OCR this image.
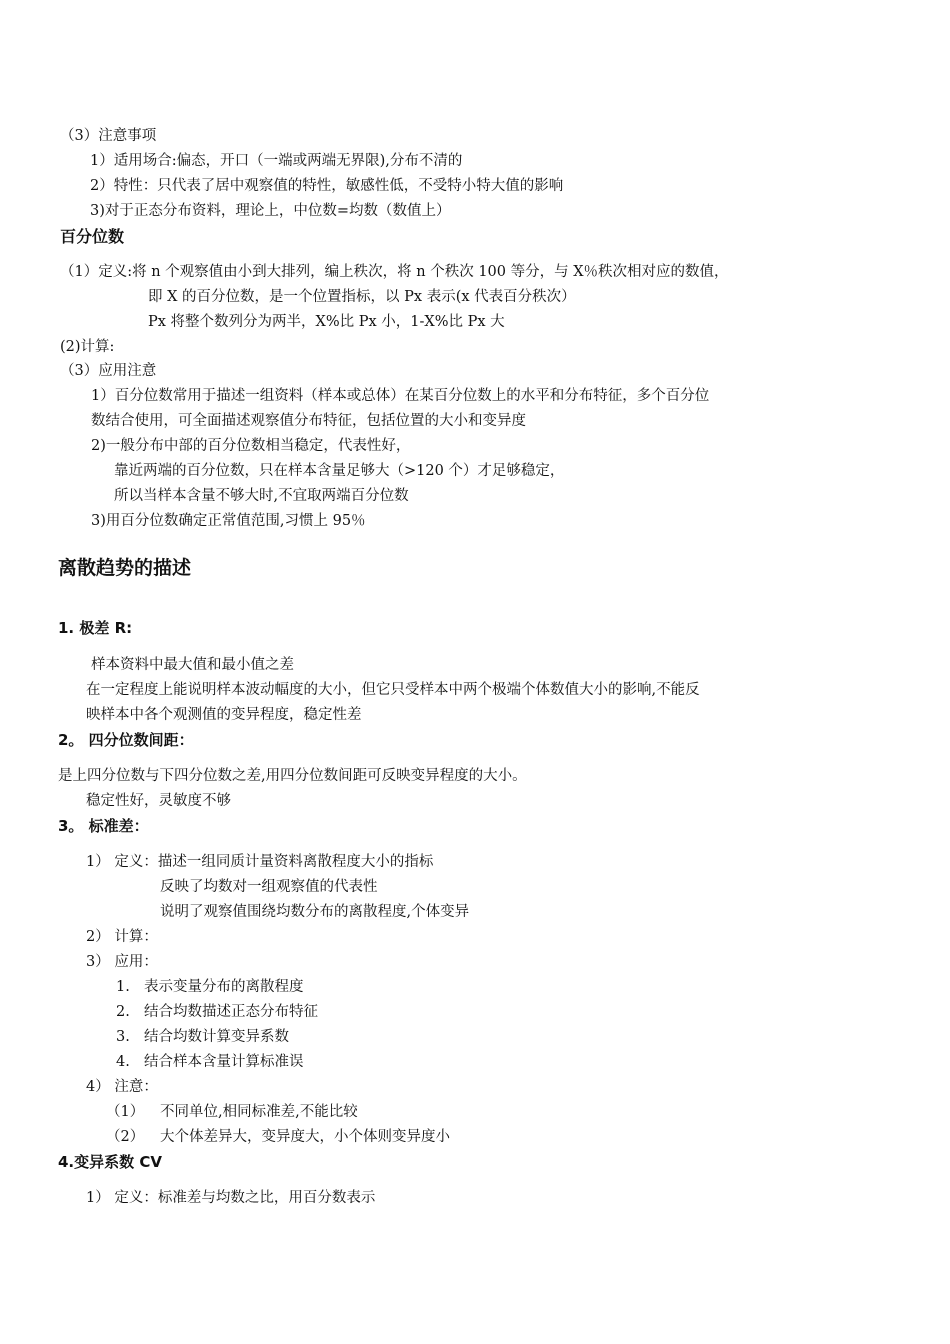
（3）注意事项
1）适用场合:偏态，开口（一端或两端无界限),分布不清的
2）特性：只代表了居中观察值的特性，敏感性低，不受特小特大值的影响
3)对于正态分布资料，理论上，中位数=均数（数值上）
百分位数
（1）定义:将 n 个观察值由小到大排列，编上秩次，将 n 个秩次 100 等分，与 X％秩次相对应的数值，
即 X 的百分位数，是一个位置指标，以 Px 表示(x 代表百分秩次）
Px 将整个数列分为两半，X%比 Px 小，1-X%比 Px 大
(2)计算:
（3）应用注意
1）百分位数常用于描述一组资料（样本或总体）在某百分位数上的水平和分布特征，多个百分位
数结合使用，可全面描述观察值分布特征，包括位置的大小和变异度
2)一般分布中部的百分位数相当稳定，代表性好，
靠近两端的百分位数，只在样本含量足够大（>120 个）才足够稳定，
所以当样本含量不够大时,不宜取两端百分位数
3)用百分位数确定正常值范围,习惯上 95％
离散趋势的描述
1. 极差 R:
样本资料中最大值和最小值之差
在一定程度上能说明样本波动幅度的大小，但它只受样本中两个极端个体数值大小的影响,不能反
映样本中各个观测值的变异程度，稳定性差
2。 四分位数间距：
是上四分位数与下四分位数之差,用四分位数间距可反映变异程度的大小。
稳定性好，灵敏度不够
3。 标准差：
1） 定义：描述一组同质计量资料离散程度大小的指标
反映了均数对一组观察值的代表性
说明了观察值围绕均数分布的离散程度,个体变异
2） 计算：
3） 应用：
1. 表示变量分布的离散程度
2. 结合均数描述正态分布特征
3. 结合均数计算变异系数
4. 结合样本含量计算标准误
4） 注意：
（1） 不同单位,相同标准差,不能比较
（2） 大个体差异大，变异度大，小个体则变异度小
4.变异系数 CV
1） 定义：标准差与均数之比，用百分数表示
